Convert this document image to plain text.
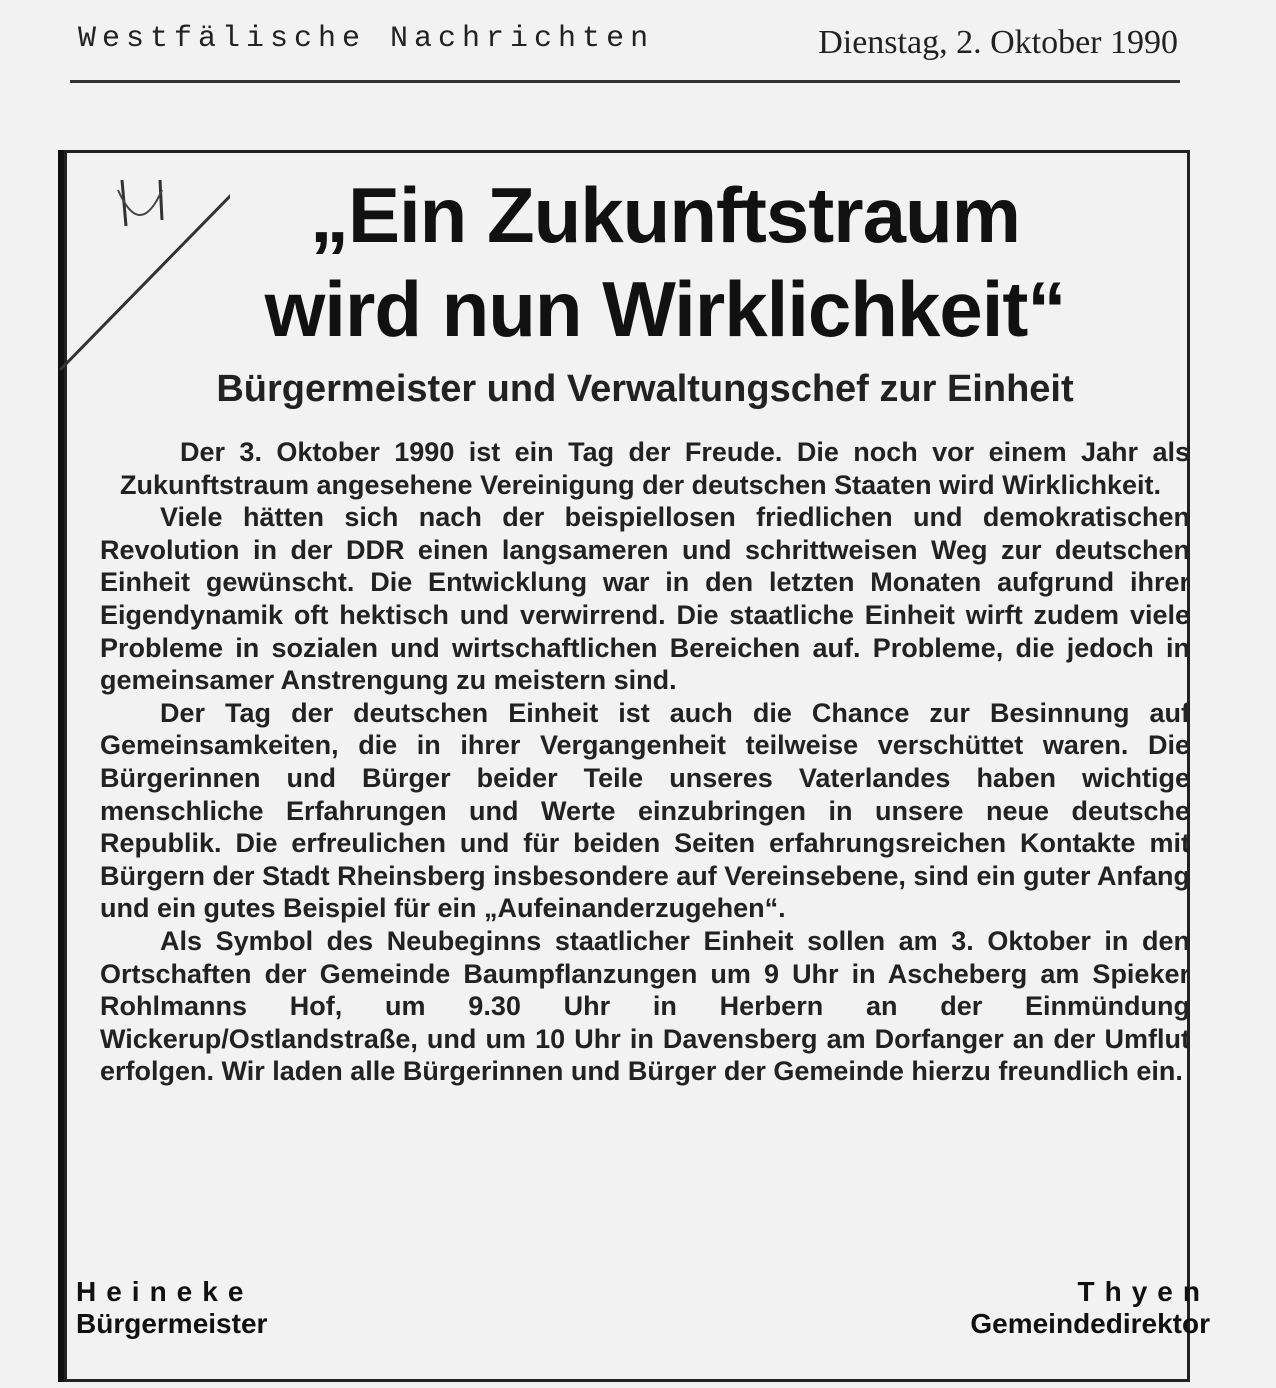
Westfälische Nachrichten	Dienstag, 2. Oktober 1990
„Ein Zukunftstraum
wird nun Wirklichkeit“
Bürgermeister und Verwaltungschef zur Einheit

Der 3. Oktober 1990 ist ein Tag der Freude. Die noch vor einem Jahr als Zukunftstraum angesehene Vereinigung der deutschen Staaten wird Wirklichkeit.

Viele hätten sich nach der beispiellosen friedlichen und demokratischen Revolution in der DDR einen langsameren und schrittweisen Weg zur deutschen Einheit gewünscht. Die Entwicklung war in den letzten Monaten aufgrund ihrer Eigendynamik oft hektisch und verwirrend. Die staatliche Einheit wirft zudem viele Probleme in sozialen und wirtschaftlichen Bereichen auf. Probleme, die jedoch in gemeinsamer Anstrengung zu meistern sind.

Der Tag der deutschen Einheit ist auch die Chance zur Besinnung auf Gemeinsamkeiten, die in ihrer Vergangenheit teilweise verschüttet waren. Die Bürgerinnen und Bürger beider Teile unseres Vaterlandes haben wichtige menschliche Erfahrungen und Werte einzubringen in unsere neue deutsche Republik. Die erfreulichen und für beiden Seiten erfahrungsreichen Kontakte mit Bürgern der Stadt Rheinsberg insbesondere auf Vereinsebene, sind ein guter Anfang und ein gutes Beispiel für ein „Aufeinanderzugehen“.

Als Symbol des Neubeginns staatlicher Einheit sollen am 3. Oktober in den Ortschaften der Gemeinde Baumpflanzungen um 9 Uhr in Ascheberg am Spieker Rohlmanns Hof, um 9.30 Uhr in Herbern an der Einmündung Wickerup/Ostlandstraße, und um 10 Uhr in Davensberg am Dorfanger an der Umflut erfolgen. Wir laden alle Bürgerinnen und Bürger der Gemeinde hierzu freundlich ein.

Heineke
Bürgermeister
Thyen
Gemeindedirektor
